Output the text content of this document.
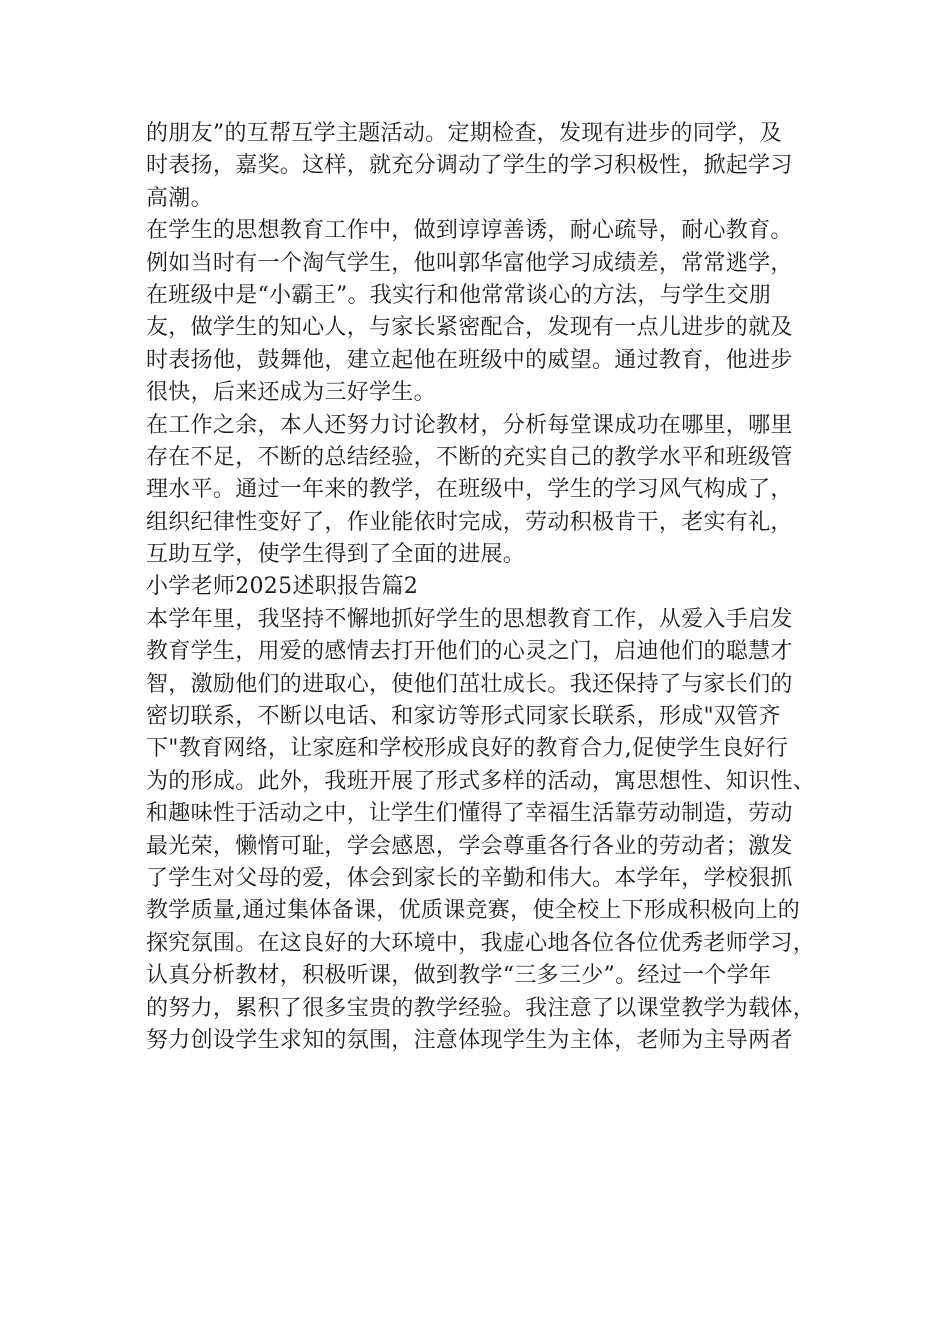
的朋友”的互帮互学主题活动。定期检查，发现有进步的同学，及
时表扬，嘉奖。这样，就充分调动了学生的学习积极性，掀起学习
高潮。
在学生的思想教育工作中，做到谆谆善诱，耐心疏导，耐心教育。
例如当时有一个淘气学生，他叫郭华富他学习成绩差，常常逃学，
在班级中是“小霸王”。我实行和他常常谈心的方法，与学生交朋
友，做学生的知心人，与家长紧密配合，发现有一点儿进步的就及
时表扬他，鼓舞他，建立起他在班级中的威望。通过教育，他进步
很快，后来还成为三好学生。
在工作之余，本人还努力讨论教材，分析每堂课成功在哪里，哪里
存在不足，不断的总结经验，不断的充实自己的教学水平和班级管
理水平。通过一年来的教学，在班级中，学生的学习风气构成了，
组织纪律性变好了，作业能依时完成，劳动积极肯干，老实有礼，
互助互学，使学生得到了全面的进展。
小学老师2025述职报告篇2
本学年里，我坚持不懈地抓好学生的思想教育工作，从爱入手启发
教育学生，用爱的感情去打开他们的心灵之门，启迪他们的聪慧才
智，激励他们的进取心，使他们茁壮成长。我还保持了与家长们的
密切联系，不断以电话、和家访等形式同家长联系，形成"双管齐
下"教育网络，让家庭和学校形成良好的教育合力,促使学生良好行
为的形成。此外，我班开展了形式多样的活动，寓思想性、知识性、
和趣味性于活动之中，让学生们懂得了幸福生活靠劳动制造，劳动
最光荣，懒惰可耻，学会感恩，学会尊重各行各业的劳动者；激发
了学生对父母的爱，体会到家长的辛勤和伟大。本学年，学校狠抓
教学质量,通过集体备课，优质课竞赛，使全校上下形成积极向上的
探究氛围。在这良好的大环境中，我虚心地各位各位优秀老师学习，
认真分析教材，积极听课，做到教学“三多三少”。经过一个学年
的努力，累积了很多宝贵的教学经验。我注意了以课堂教学为载体，
努力创设学生求知的氛围，注意体现学生为主体，老师为主导两者
